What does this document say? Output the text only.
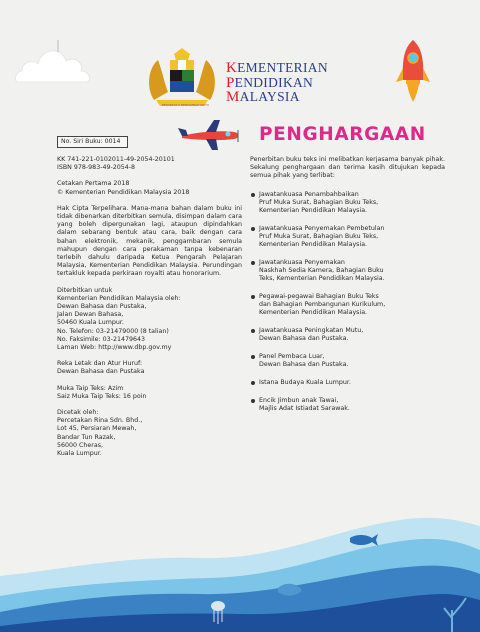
BERSEKUTU BERTAMBAH MUTU
KEMENTERIAN
PENDIDIKAN
MALAYSIA
No. Siri Buku: 0014	PENGHARGAAN

KK 741-221-0102011-49-2054-20101

ISBN 978-983-49-2054-8

Cetakan Pertama 2018

© Kementerian Pendidikan Malaysia 2018

Hak Cipta Terpelihara. Mana-mana bahan dalam buku ini tidak dibenarkan diterbitkan semula, disimpan dalam cara yang boleh dipergunakan lagi, ataupun dipindahkan dalam sebarang bentuk atau cara, baik dengan cara bahan elektronik, mekanik, penggambaran semula mahupun dengan cara perakaman tanpa kebenaran terlebih dahulu daripada Ketua Pengarah Pelajaran Malaysia, Kementerian Pendidikan Malaysia. Perundingan tertakluk kepada perkiraan royalti atau honorarium.

Diterbitkan untuk
Kementerian Pendidikan Malaysia oleh:
Dewan Bahasa dan Pustaka,
Jalan Dewan Bahasa,
50460 Kuala Lumpur.
No. Telefon: 03-21479000 (8 talian)
No. Faksimile: 03-21479643
Laman Web: http://www.dbp.gov.my

Reka Letak dan Atur Huruf:
Dewan Bahasa dan Pustaka

Muka Taip Teks: Azim
Saiz Muka Taip Teks: 16 poin

Dicetak oleh:
Percetakan Rina Sdn. Bhd.,
Lot 45, Persiaran Mewah,
Bandar Tun Razak,
56000 Cheras,
Kuala Lumpur.

Penerbitan buku teks ini melibatkan kerjasama banyak pihak. Sekalung penghargaan dan terima kasih ditujukan kepada semua pihak yang terlibat:

Jawatankuasa Penambahbaikan
Pruf Muka Surat, Bahagian Buku Teks,
Kementerian Pendidikan Malaysia.
Jawatankuasa Penyemakan Pembetulan
Pruf Muka Surat, Bahagian Buku Teks,
Kementerian Pendidikan Malaysia.
Jawatankuasa Penyemakan
Naskhah Sedia Kamera, Bahagian Buku
Teks, Kementerian Pendidikan Malaysia.
Pegawai-pegawai Bahagian Buku Teks
dan Bahagian Pembangunan Kurikulum,
Kementerian Pendidikan Malaysia.
Jawatankuasa Peningkatan Mutu,
Dewan Bahasa dan Pustaka.
Panel Pembaca Luar,
Dewan Bahasa dan Pustaka.
Istana Budaya Kuala Lumpur.
Encik Jimbun anak Tawai,
Majlis Adat Istiadat Sarawak.
